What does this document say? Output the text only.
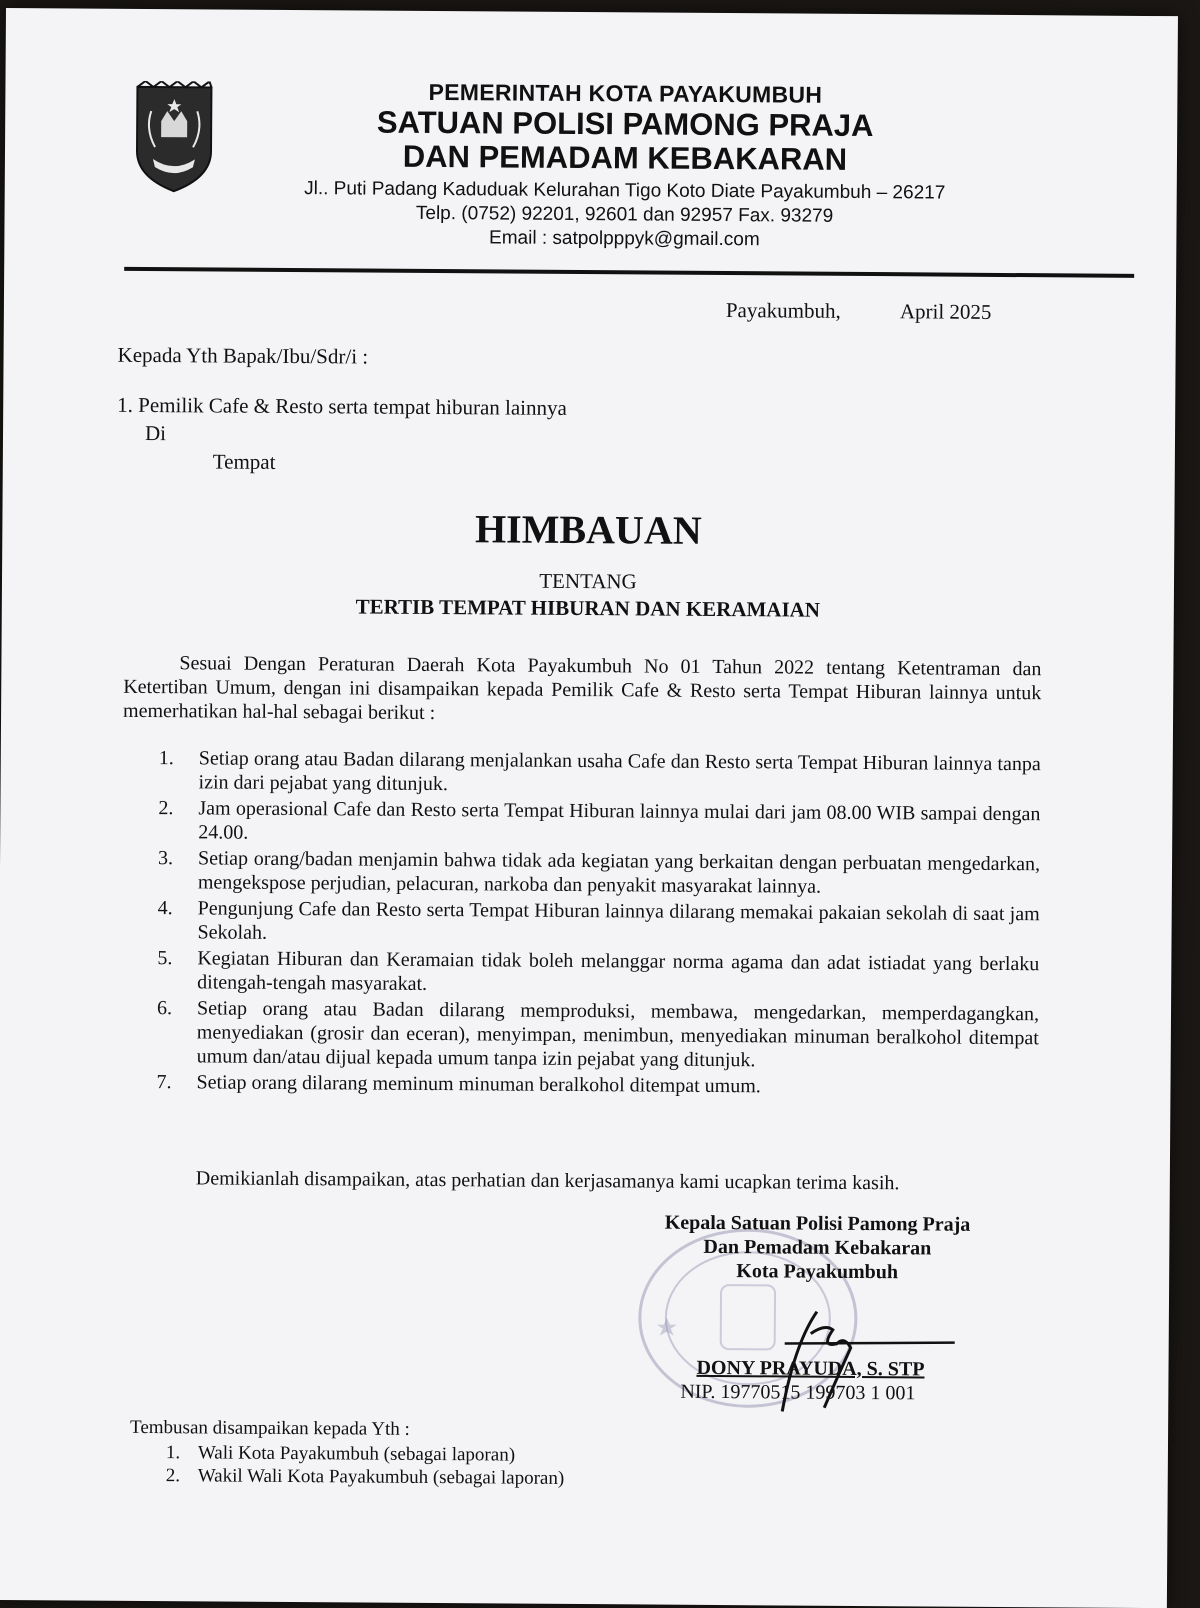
PEMERINTAH KOTA PAYAKUMBUH
SATUAN POLISI PAMONG PRAJA
DAN PEMADAM KEBAKARAN
Jl.. Puti Padang Kaduduak Kelurahan Tigo Koto Diate Payakumbuh – 26217
Telp. (0752) 92201, 92601 dan 92957 Fax. 93279
Email : satpolpppyk@gmail.com
Payakumbuh,	April 2025
Kepada Yth Bapak/Ibu/Sdr/i :
1. Pemilik Cafe & Resto serta tempat hiburan lainnya
Di
Tempat
HIMBAUAN
TENTANG
TERTIB TEMPAT HIBURAN DAN KERAMAIAN
Sesuai Dengan Peraturan Daerah Kota Payakumbuh No 01 Tahun 2022 tentang Ketentraman dan Ketertiban Umum, dengan ini disampaikan kepada Pemilik Cafe & Resto serta Tempat Hiburan lainnya untuk memerhatikan hal-hal sebagai berikut :
1. Setiap orang atau Badan dilarang menjalankan usaha Cafe dan Resto serta Tempat Hiburan lainnya tanpa izin dari pejabat yang ditunjuk.
2. Jam operasional Cafe dan Resto serta Tempat Hiburan lainnya mulai dari jam 08.00 WIB sampai dengan 24.00.
3. Setiap orang/badan menjamin bahwa tidak ada kegiatan yang berkaitan dengan perbuatan mengedarkan, mengekspose perjudian, pelacuran, narkoba dan penyakit masyarakat lainnya.
4. Pengunjung Cafe dan Resto serta Tempat Hiburan lainnya dilarang memakai pakaian sekolah di saat jam Sekolah.
5. Kegiatan Hiburan dan Keramaian tidak boleh melanggar norma agama dan adat istiadat yang berlaku ditengah-tengah masyarakat.
6. Setiap orang atau Badan dilarang memproduksi, membawa, mengedarkan, memperdagangkan, menyediakan (grosir dan eceran), menyimpan, menimbun, menyediakan minuman beralkohol ditempat umum dan/atau dijual kepada umum tanpa izin pejabat yang ditunjuk.
7. Setiap orang dilarang meminum minuman beralkohol ditempat umum.
Demikianlah disampaikan, atas perhatian dan kerjasamanya kami ucapkan terima kasih.
Kepala Satuan Polisi Pamong Praja
Dan Pemadam Kebakaran
Kota Payakumbuh
DONY PRAYUDA, S. STP
NIP. 19770515 199703 1 001
Tembusan disampaikan kepada Yth :
1. Wali Kota Payakumbuh (sebagai laporan)
2. Wakil Wali Kota Payakumbuh (sebagai laporan)
